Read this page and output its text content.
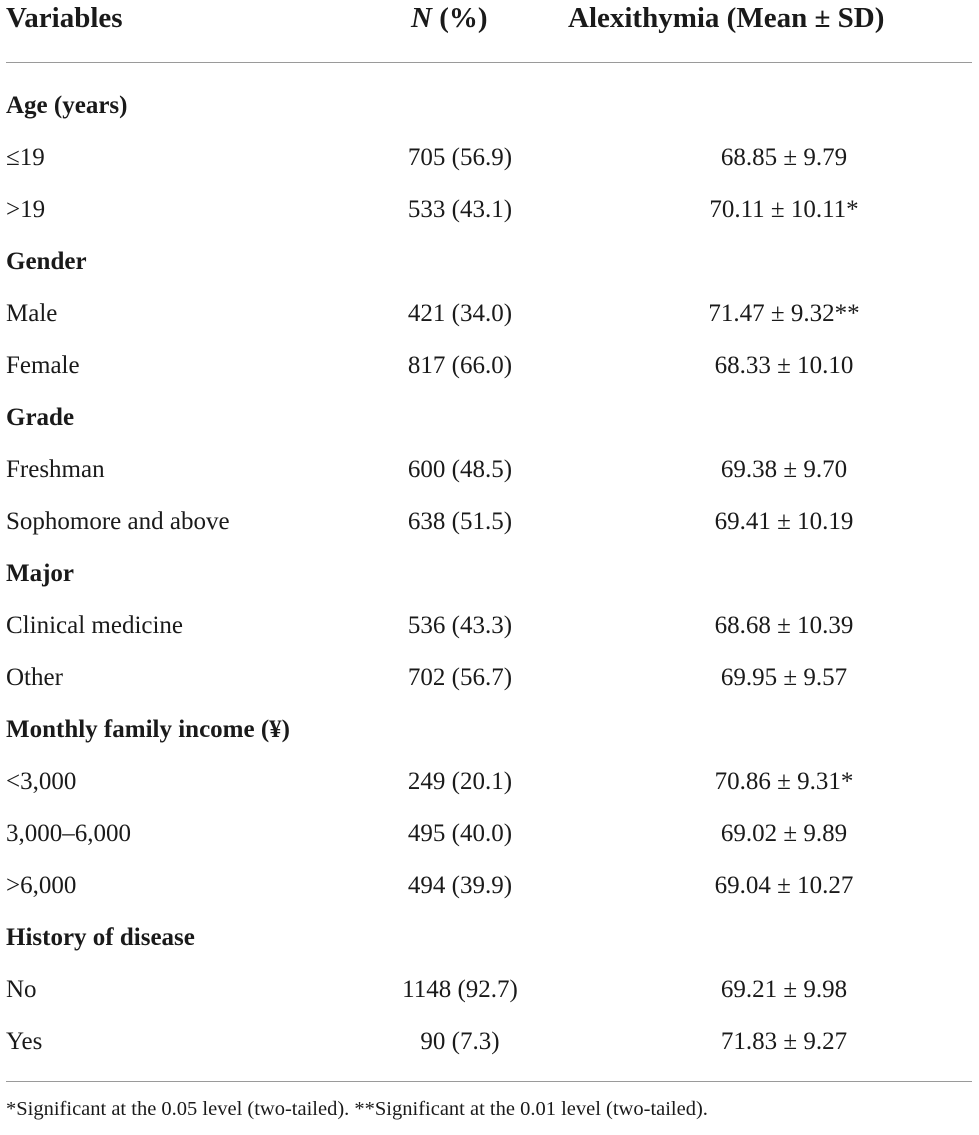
Variables	N (%)	Alexithymia (Mean ± SD)
Age (years)
≤19	705 (56.9)	68.85 ± 9.79
>19	533 (43.1)	70.11 ± 10.11*
Gender
Male	421 (34.0)	71.47 ± 9.32**
Female	817 (66.0)	68.33 ± 10.10
Grade
Freshman	600 (48.5)	69.38 ± 9.70
Sophomore and above	638 (51.5)	69.41 ± 10.19
Major
Clinical medicine	536 (43.3)	68.68 ± 10.39
Other	702 (56.7)	69.95 ± 9.57
Monthly family income (¥)
<3,000	249 (20.1)	70.86 ± 9.31*
3,000–6,000	495 (40.0)	69.02 ± 9.89
>6,000	494 (39.9)	69.04 ± 10.27
History of disease
No	1148 (92.7)	69.21 ± 9.98
Yes	90 (7.3)	71.83 ± 9.27
*Significant at the 0.05 level (two-tailed). **Significant at the 0.01 level (two-tailed).
